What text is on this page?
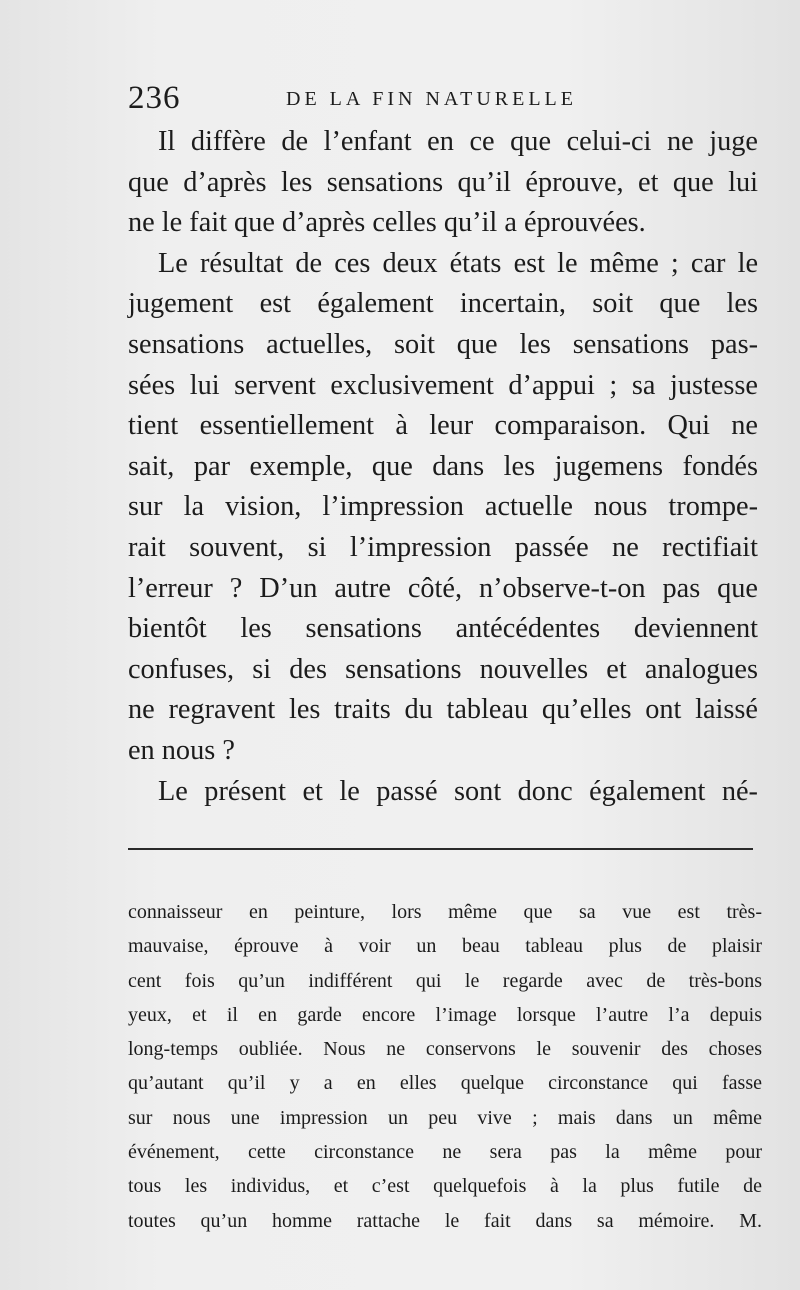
236	DE LA FIN NATURELLE
Il diffère de l’enfant en ce que celui-ci ne juge
que d’après les sensations qu’il éprouve, et que lui
ne le fait que d’après celles qu’il a éprouvées.
Le résultat de ces deux états est le même ; car le
jugement est également incertain, soit que les
sensations actuelles, soit que les sensations pas-
sées lui servent exclusivement d’appui ; sa justesse
tient essentiellement à leur comparaison. Qui ne
sait, par exemple, que dans les jugemens fondés
sur la vision, l’impression actuelle nous trompe-
rait souvent, si l’impression passée ne rectifiait
l’erreur ? D’un autre côté, n’observe-t-on pas que
bientôt les sensations antécédentes deviennent
confuses, si des sensations nouvelles et analogues
ne regravent les traits du tableau qu’elles ont laissé
en nous ?
Le présent et le passé sont donc également né-
connaisseur en peinture, lors même que sa vue est très-
mauvaise, éprouve à voir un beau tableau plus de plaisir
cent fois qu’un indifférent qui le regarde avec de très-bons
yeux, et il en garde encore l’image lorsque l’autre l’a depuis
long-temps oubliée. Nous ne conservons le souvenir des choses
qu’autant qu’il y a en elles quelque circonstance qui fasse
sur nous une impression un peu vive ; mais dans un même
événement, cette circonstance ne sera pas la même pour
tous les individus, et c’est quelquefois à la plus futile de
toutes qu’un homme rattache le fait dans sa mémoire. M.
